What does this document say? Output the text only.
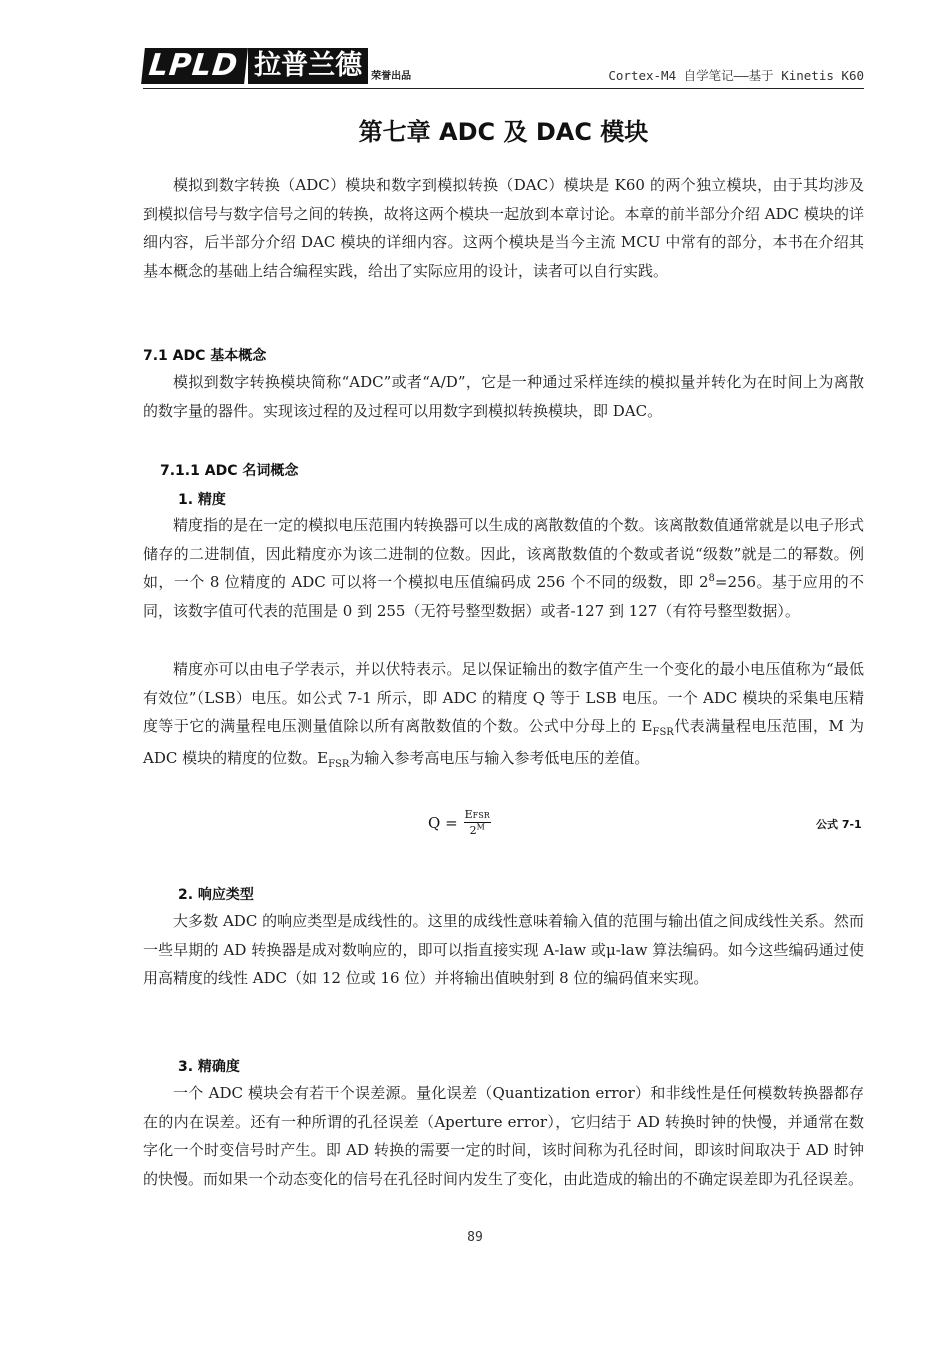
LPLD 拉普兰德 荣誉出品	Cortex-M4 自学笔记——基于 Kinetis K60
第七章 ADC 及 DAC 模块

模拟到数字转换（ADC）模块和数字到模拟转换（DAC）模块是 K60 的两个独立模块，由于其均涉及到模拟信号与数字信号之间的转换，故将这两个模块一起放到本章讨论。本章的前半部分介绍 ADC 模块的详细内容，后半部分介绍 DAC 模块的详细内容。这两个模块是当今主流 MCU 中常有的部分，本书在介绍其基本概念的基础上结合编程实践，给出了实际应用的设计，读者可以自行实践。

7.1 ADC 基本概念

模拟到数字转换模块简称“ADC”或者“A/D”，它是一种通过采样连续的模拟量并转化为在时间上为离散的数字量的器件。实现该过程的及过程可以用数字到模拟转换模块，即 DAC。

7.1.1 ADC 名词概念
1. 精度

精度指的是在一定的模拟电压范围内转换器可以生成的离散数值的个数。该离散数值通常就是以电子形式储存的二进制值，因此精度亦为该二进制的位数。因此，该离散数值的个数或者说“级数”就是二的幂数。例如，一个 8 位精度的 ADC 可以将一个模拟电压值编码成 256 个不同的级数，即 $2^8=256$。基于应用的不同，该数字值可代表的范围是 0 到 255（无符号整型数据）或者-127 到 127（有符号整型数据）。

精度亦可以由电子学表示，并以伏特表示。足以保证输出的数字值产生一个变化的最小电压值称为“最低有效位”（LSB）电压。如公式 7-1 所示，即 ADC 的精度 Q 等于 LSB 电压。一个 ADC 模块的采集电压精度等于它的满量程电压测量值除以所有离散数值的个数。公式中分母上的 $E_{FSR}$代表满量程电压范围，M 为 ADC 模块的精度的位数。$E_{FSR}$为输入参考高电压与输入参考低电压的差值。

$Q = \frac{\text{EFSR}}{2^M}$	公式 7-1
2. 响应类型

大多数 ADC 的响应类型是成线性的。这里的成线性意味着输入值的范围与输出值之间成线性关系。然而一些早期的 AD 转换器是成对数响应的，即可以指直接实现 A-law 或μ-law 算法编码。如今这些编码通过使用高精度的线性 ADC（如 12 位或 16 位）并将输出值映射到 8 位的编码值来实现。

3. 精确度

一个 ADC 模块会有若干个误差源。量化误差（Quantization error）和非线性是任何模数转换器都存在的内在误差。还有一种所谓的孔径误差（Aperture error），它归结于 AD 转换时钟的快慢，并通常在数字化一个时变信号时产生。即 AD 转换的需要一定的时间，该时间称为孔径时间，即该时间取决于 AD 时钟的快慢。而如果一个动态变化的信号在孔径时间内发生了变化，由此造成的输出的不确定误差即为孔径误差。

89
